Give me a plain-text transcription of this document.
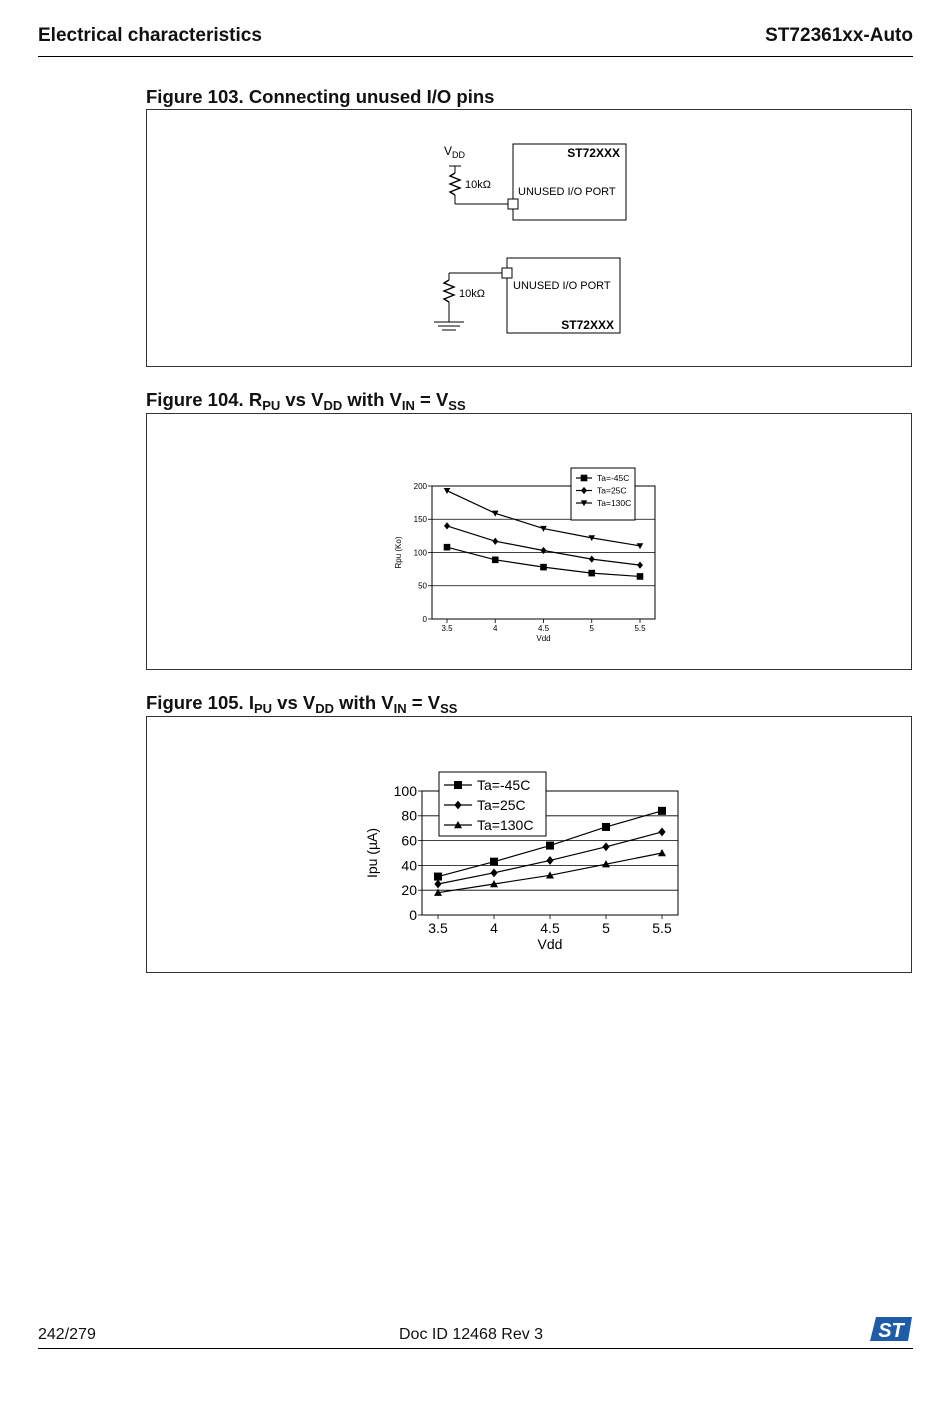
Electrical characteristics	ST72361xx-Auto
Figure 103. Connecting unused I/O pins
$V_{DD}$
10kΩ
ST72XXX
UNUSED I/O PORT
10kΩ
UNUSED I/O PORT
ST72XXX
Figure 104. $R_{PU}$ vs $V_{DD}$ with $V_{IN} = V_{SS}$
0
50
100
150
200
3.5	4	4.5	5	5.5
Vdd
Rpu (Ko)
Ta=-45C
Ta=25C
Ta=130C
Figure 105. $I_{PU}$ vs $V_{DD}$ with $V_{IN} = V_{SS}$
0
20
40
60
80
100
3.5	4	4.5	5	5.5
Vdd
Ipu (µA)
Ta=-45C
Ta=25C
Ta=130C
242/279	Doc ID 12468 Rev 3	ST
